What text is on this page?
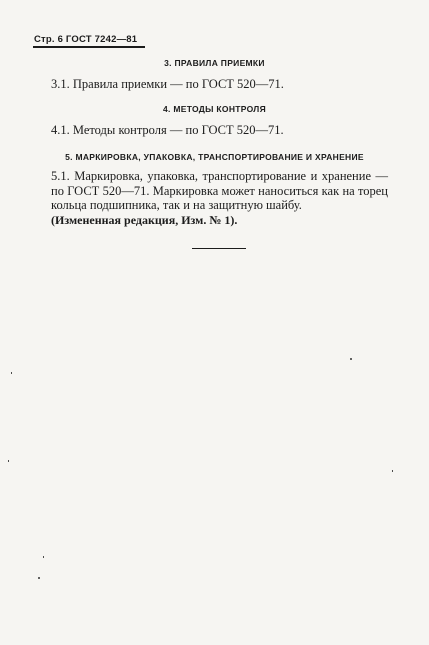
Стр. 6 ГОСТ 7242—81
3. ПРАВИЛА ПРИЕМКИ
3.1. Правила приемки — по ГОСТ 520—71.
4. МЕТОДЫ КОНТРОЛЯ
4.1. Методы контроля — по ГОСТ 520—71.
5. МАРКИРОВКА, УПАКОВКА, ТРАНСПОРТИРОВАНИЕ И ХРАНЕНИЕ
5.1. Маркировка, упаковка, транспортирование и хранение — по ГОСТ 520—71. Маркировка может наноситься как на торец кольца подшипника, так и на защитную шайбу.
(Измененная редакция, Изм. № 1).
